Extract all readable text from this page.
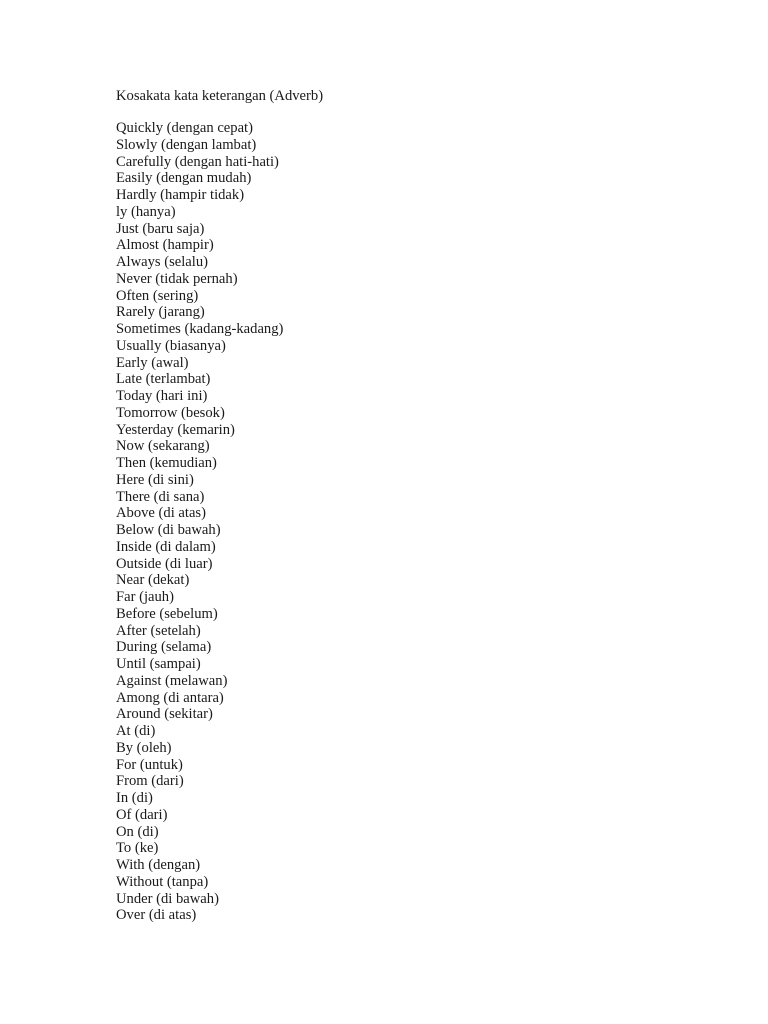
Kosakata kata keterangan (Adverb)
Quickly (dengan cepat)
Slowly (dengan lambat)
Carefully (dengan hati-hati)
Easily (dengan mudah)
Hardly (hampir tidak)
ly (hanya)
Just (baru saja)
Almost (hampir)
Always (selalu)
Never (tidak pernah)
Often (sering)
Rarely (jarang)
Sometimes (kadang-kadang)
Usually (biasanya)
Early (awal)
Late (terlambat)
Today (hari ini)
Tomorrow (besok)
Yesterday (kemarin)
Now (sekarang)
Then (kemudian)
Here (di sini)
There (di sana)
Above (di atas)
Below (di bawah)
Inside (di dalam)
Outside (di luar)
Near (dekat)
Far (jauh)
Before (sebelum)
After (setelah)
During (selama)
Until (sampai)
Against (melawan)
Among (di antara)
Around (sekitar)
At (di)
By (oleh)
For (untuk)
From (dari)
In (di)
Of (dari)
On (di)
To (ke)
With (dengan)
Without (tanpa)
Under (di bawah)
Over (di atas)
